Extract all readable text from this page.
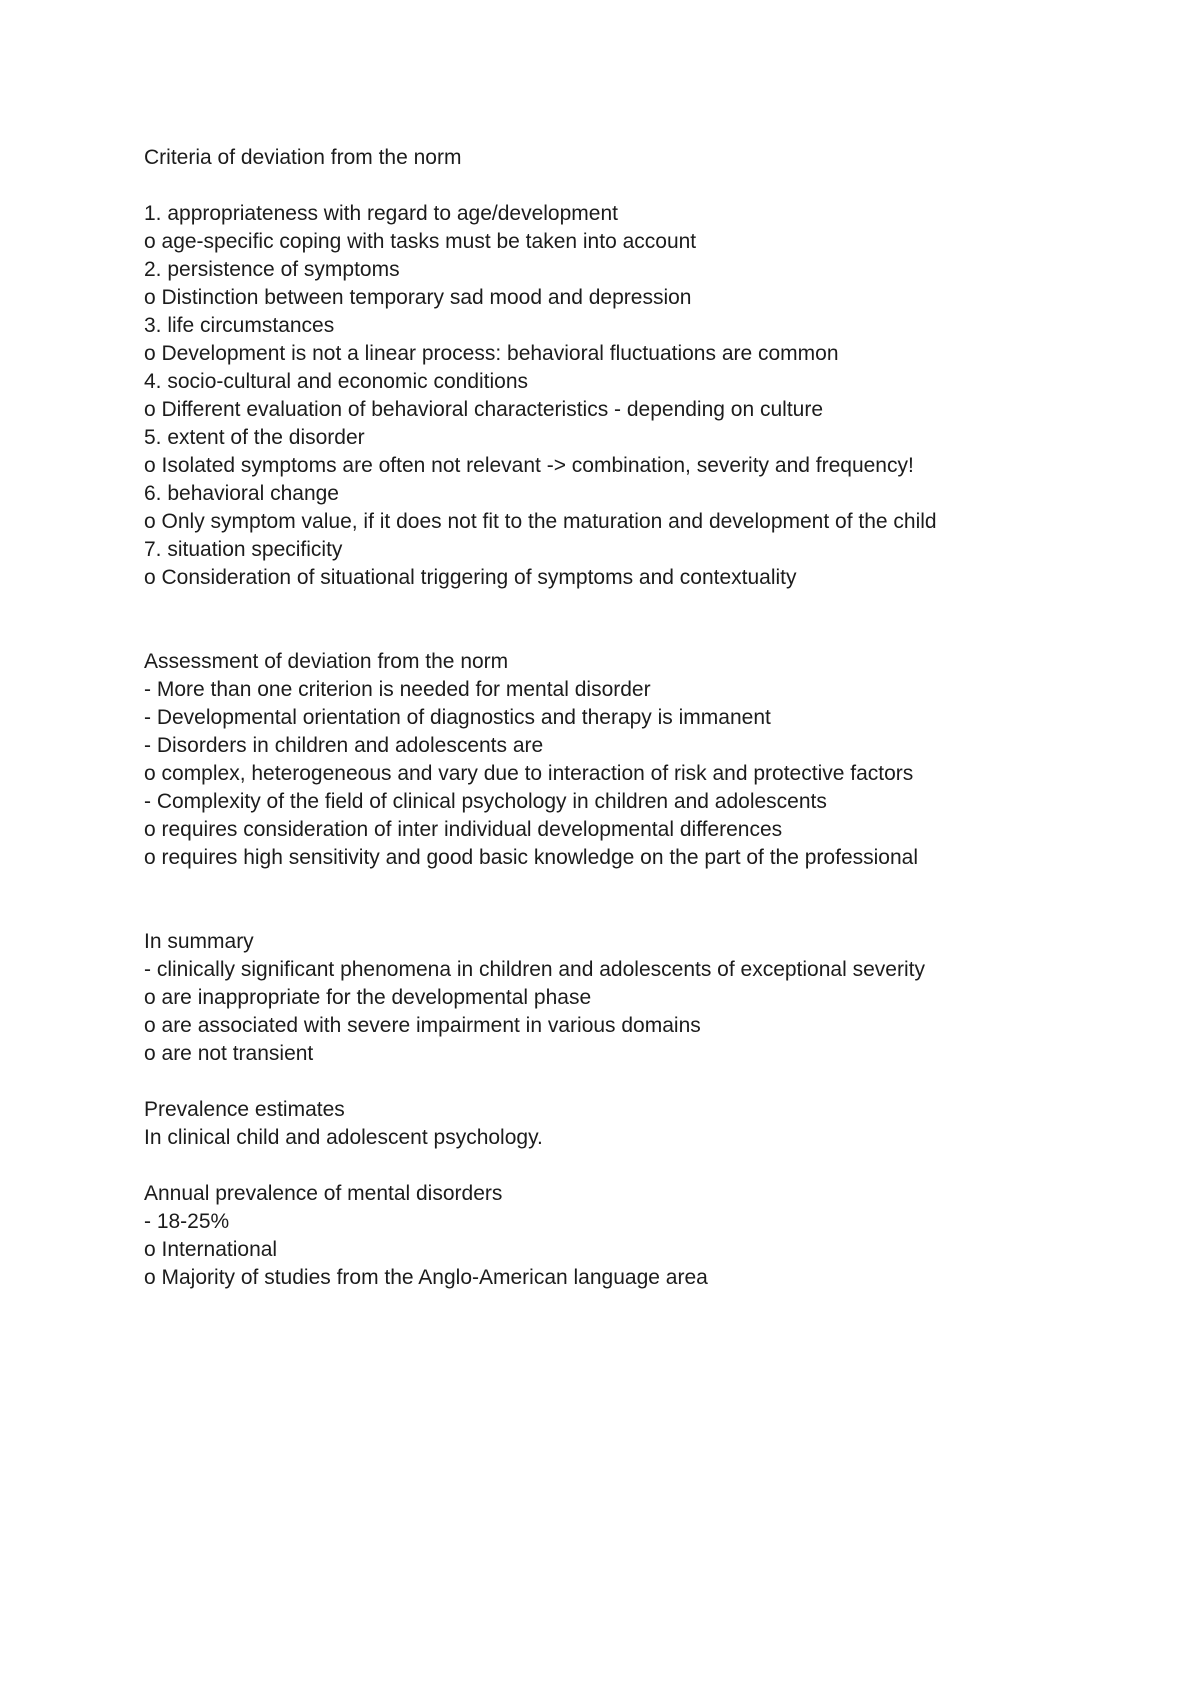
Criteria of deviation from the norm
1. appropriateness with regard to age/development
o age-specific coping with tasks must be taken into account
2. persistence of symptoms
o Distinction between temporary sad mood and depression
3. life circumstances
o Development is not a linear process: behavioral fluctuations are common
4. socio-cultural and economic conditions
o Different evaluation of behavioral characteristics - depending on culture
5. extent of the disorder
o Isolated symptoms are often not relevant -> combination, severity and frequency!
6. behavioral change
o Only symptom value, if it does not fit to the maturation and development of the child
7. situation specificity
o Consideration of situational triggering of symptoms and contextuality
Assessment of deviation from the norm
- More than one criterion is needed for mental disorder
- Developmental orientation of diagnostics and therapy is immanent
- Disorders in children and adolescents are
o complex, heterogeneous and vary due to interaction of risk and protective factors
- Complexity of the field of clinical psychology in children and adolescents
o requires consideration of inter individual developmental differences
o requires high sensitivity and good basic knowledge on the part of the professional
In summary
- clinically significant phenomena in children and adolescents of exceptional severity
o are inappropriate for the developmental phase
o are associated with severe impairment in various domains
o are not transient
Prevalence estimates
In clinical child and adolescent psychology.
Annual prevalence of mental disorders
- 18-25%
o International
o Majority of studies from the Anglo-American language area
